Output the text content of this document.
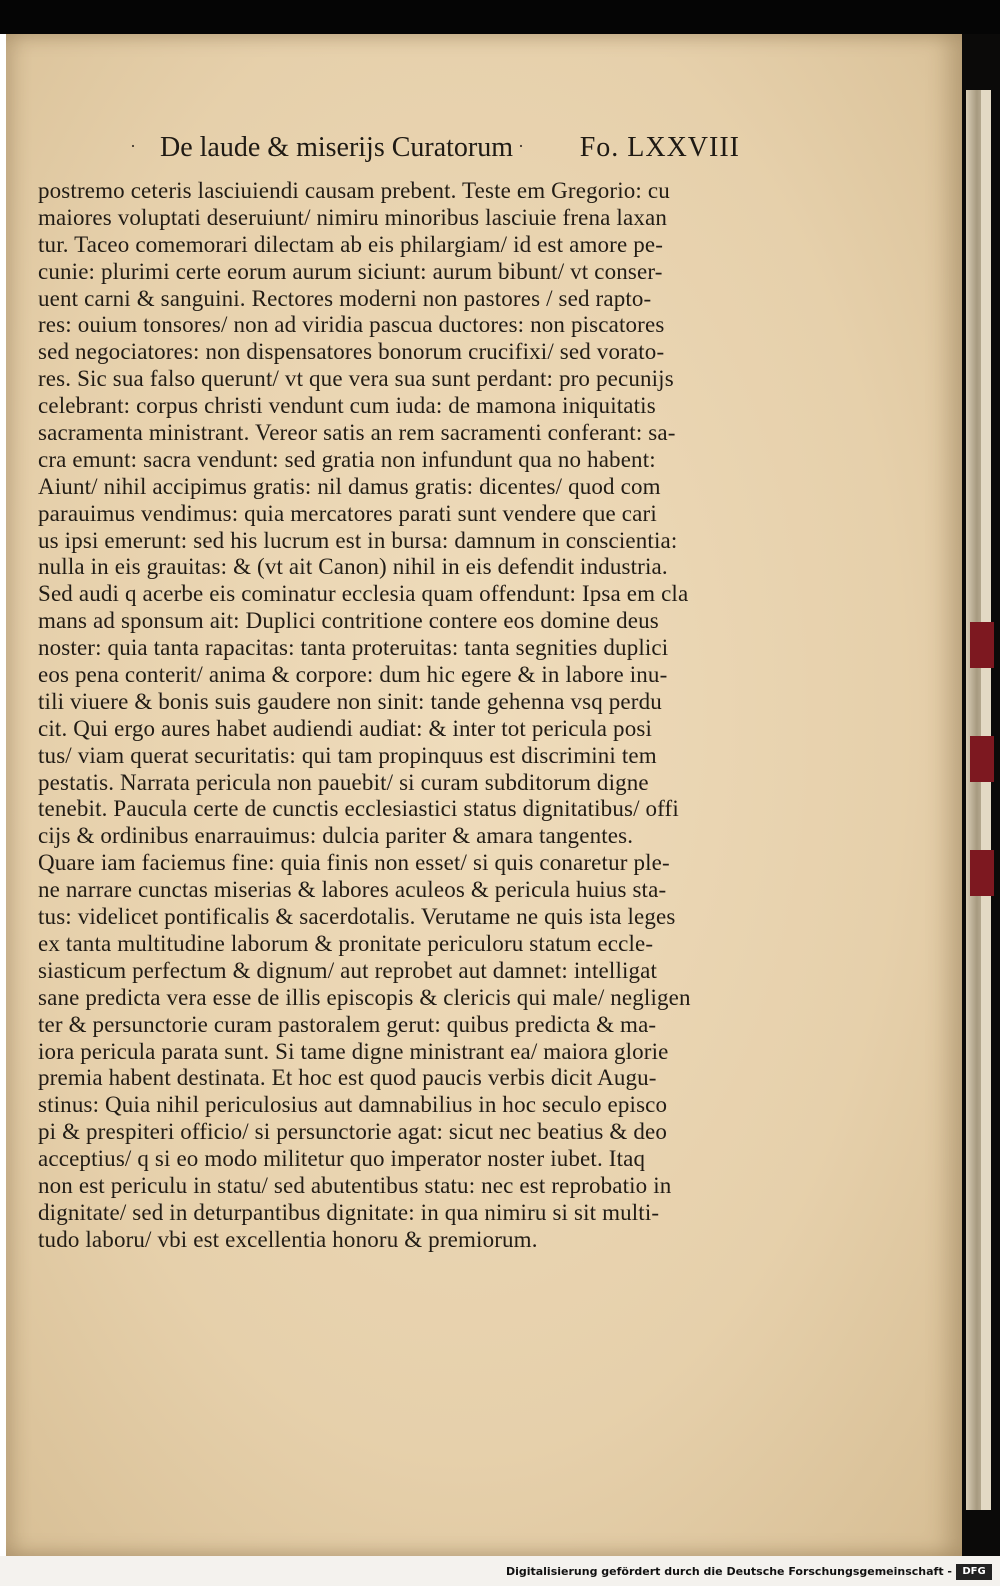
· De laude & miserijs Curatorum · Fo. LXXVIII
postremo ceteris lasciuiendi causam prebent. Teste em Gregorio: cu
maiores voluptati deseruiunt/ nimiru minoribus lasciuie frena laxan
tur. Taceo comemorari dilectam ab eis philargiam/ id est amore pe-
cunie: plurimi certe eorum aurum siciunt: aurum bibunt/ vt conser-
uent carni & sanguini. Rectores moderni non pastores / sed rapto-
res: ouium tonsores/ non ad viridia pascua ductores: non piscatores
sed negociatores: non dispensatores bonorum crucifixi/ sed vorato-
res. Sic sua falso querunt/ vt que vera sua sunt perdant: pro pecunijs
celebrant: corpus christi vendunt cum iuda: de mamona iniquitatis
sacramenta ministrant. Vereor satis an rem sacramenti conferant: sa-
cra emunt: sacra vendunt: sed gratia non infundunt qua no habent:
Aiunt/ nihil accipimus gratis: nil damus gratis: dicentes/ quod com
parauimus vendimus: quia mercatores parati sunt vendere que cari
us ipsi emerunt: sed his lucrum est in bursa: damnum in conscientia:
nulla in eis grauitas: & (vt ait Canon) nihil in eis defendit industria.
Sed audi q acerbe eis cominatur ecclesia quam offendunt: Ipsa em cla
mans ad sponsum ait: Duplici contritione contere eos domine deus
noster: quia tanta rapacitas: tanta proteruitas: tanta segnities duplici
eos pena conterit/ anima & corpore: dum hic egere & in labore inu-
tili viuere & bonis suis gaudere non sinit: tande gehenna vsq perdu
cit. Qui ergo aures habet audiendi audiat: & inter tot pericula posi
tus/ viam querat securitatis: qui tam propinquus est discrimini tem
pestatis. Narrata pericula non pauebit/ si curam subditorum digne
tenebit. Paucula certe de cunctis ecclesiastici status dignitatibus/ offi
cijs & ordinibus enarrauimus: dulcia pariter & amara tangentes.
Quare iam faciemus fine: quia finis non esset/ si quis conaretur ple-
ne narrare cunctas miserias & labores aculeos & pericula huius sta-
tus: videlicet pontificalis & sacerdotalis. Verutame ne quis ista leges
ex tanta multitudine laborum & pronitate periculoru statum eccle-
siasticum perfectum & dignum/ aut reprobet aut damnet: intelligat
sane predicta vera esse de illis episcopis & clericis qui male/ negligen
ter & persunctorie curam pastoralem gerut: quibus predicta & ma-
iora pericula parata sunt. Si tame digne ministrant ea/ maiora glorie
premia habent destinata. Et hoc est quod paucis verbis dicit Augu-
stinus: Quia nihil periculosius aut damnabilius in hoc seculo episco
pi & prespiteri officio/ si persunctorie agat: sicut nec beatius & deo
acceptius/ q si eo modo militetur quo imperator noster iubet. Itaq
non est periculu in statu/ sed abutentibus statu: nec est reprobatio in
dignitate/ sed in deturpantibus dignitate: in qua nimiru si sit multi-
tudo laboru/ vbi est excellentia honoru & premiorum.
Digitalisierung gefördert durch die Deutsche Forschungsgemeinschaft -	DFG
